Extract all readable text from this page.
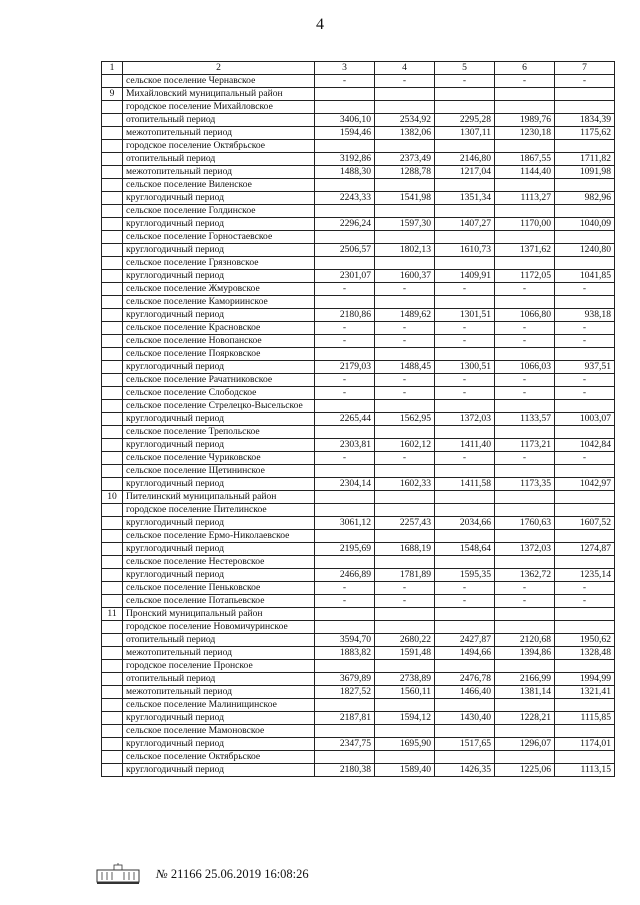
4
1	2	3	4	5	6	7
	сельское поселение Чернавское	-	-	-	-	-
9	Михайловский муниципальный район					
	городское поселение Михайловское					
	отопительный период	3406,10	2534,92	2295,28	1989,76	1834,39
	межотопительный период	1594,46	1382,06	1307,11	1230,18	1175,62
	городское поселение Октябрьское					
	отопительный период	3192,86	2373,49	2146,80	1867,55	1711,82
	межотопительный период	1488,30	1288,78	1217,04	1144,40	1091,98
	сельское поселение Виленское					
	круглогодичный период	2243,33	1541,98	1351,34	1113,27	982,96
	сельское поселение Голдинское					
	круглогодичный период	2296,24	1597,30	1407,27	1170,00	1040,09
	сельское поселение Горностаевское					
	круглогодичный период	2506,57	1802,13	1610,73	1371,62	1240,80
	сельское поселение Грязновское					
	круглогодичный период	2301,07	1600,37	1409,91	1172,05	1041,85
	сельское поселение Жмуровское	-	-	-	-	-
	сельское поселение Камориинское					
	круглогодичный период	2180,86	1489,62	1301,51	1066,80	938,18
	сельское поселение Красновское	-	-	-	-	-
	сельское поселение Новопанское	-	-	-	-	-
	сельское поселение Поярковское					
	круглогодичный период	2179,03	1488,45	1300,51	1066,03	937,51
	сельское поселение Рачатниковское	-	-	-	-	-
	сельское поселение Слободское	-	-	-	-	-
	сельское поселение Стрелецко-Высельское					
	круглогодичный период	2265,44	1562,95	1372,03	1133,57	1003,07
	сельское поселение Трепольское					
	круглогодичный период	2303,81	1602,12	1411,40	1173,21	1042,84
	сельское поселение Чуриковское	-	-	-	-	-
	сельское поселение Щетининское					
	круглогодичный период	2304,14	1602,33	1411,58	1173,35	1042,97
10	Пителинский муниципальный район					
	городское поселение Пителинское					
	круглогодичный период	3061,12	2257,43	2034,66	1760,63	1607,52
	сельское поселение Ермо-Николаевское					
	круглогодичный период	2195,69	1688,19	1548,64	1372,03	1274,87
	сельское поселение Нестеровское					
	круглогодичный период	2466,89	1781,89	1595,35	1362,72	1235,14
	сельское поселение Пеньковское	-	-	-	-	-
	сельское поселение Потапьевское	-	-	-	-	-
11	Пронский муниципальный район					
	городское поселение Новомичуринское					
	отопительный период	3594,70	2680,22	2427,87	2120,68	1950,62
	межотопительный период	1883,82	1591,48	1494,66	1394,86	1328,48
	городское поселение Пронское					
	отопительный период	3679,89	2738,89	2476,78	2166,99	1994,99
	межотопительный период	1827,52	1560,11	1466,40	1381,14	1321,41
	сельское поселение Малинищинское					
	круглогодичный период	2187,81	1594,12	1430,40	1228,21	1115,85
	сельское поселение Мамоновское					
	круглогодичный период	2347,75	1695,90	1517,65	1296,07	1174,01
	сельское поселение Октябрьское					
	круглогодичный период	2180,38	1589,40	1426,35	1225,06	1113,15
№ 21166 25.06.2019 16:08:26
